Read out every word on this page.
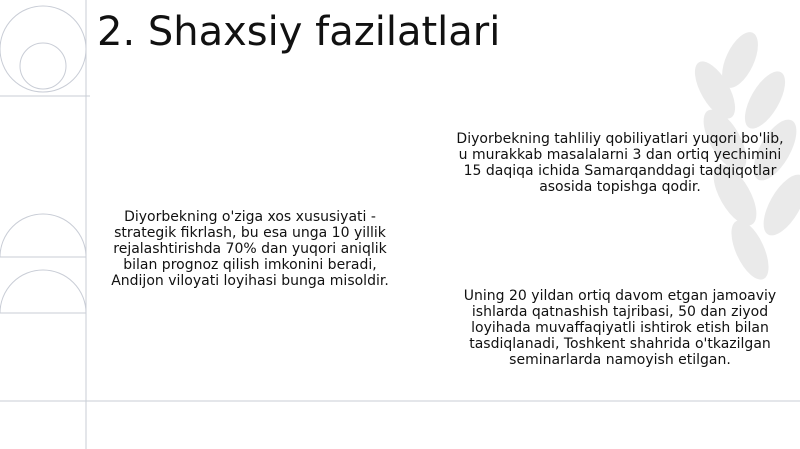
2. Shaxsiy fazilatlari
Diyorbekning o'ziga xos xususiyati - strategik fikrlash, bu esa unga 10 yillik rejalashtirishda 70% dan yuqori aniqlik bilan prognoz qilish imkonini beradi, Andijon viloyati loyihasi bunga misoldir.
Diyorbekning tahliliy qobiliyatlari yuqori bo'lib, u murakkab masalalarni 3 dan ortiq yechimini 15 daqiqa ichida Samarqanddagi tadqiqotlar asosida topishga qodir.
Uning 20 yildan ortiq davom etgan jamoaviy ishlarda qatnashish tajribasi, 50 dan ziyod loyihada muvaffaqiyatli ishtirok etish bilan tasdiqlanadi, Toshkent shahrida o'tkazilgan seminarlarda namoyish etilgan.
